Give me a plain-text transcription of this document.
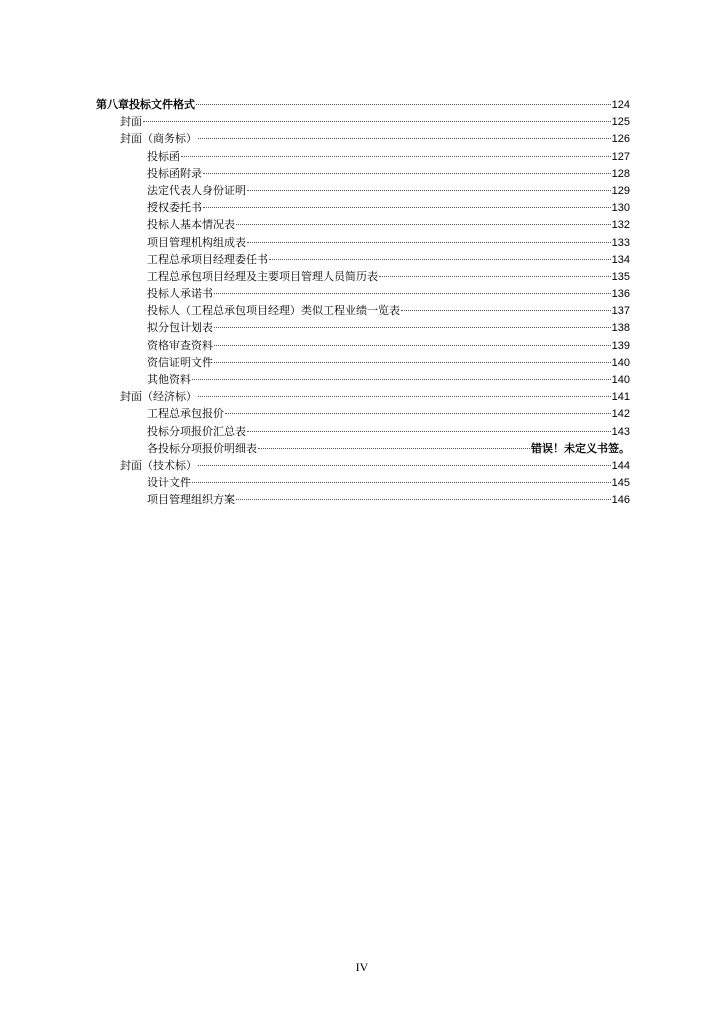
第八章投标文件格式	124
封面	125
封面（商务标）	126
投标函	127
投标函附录	128
法定代表人身份证明	129
授权委托书	130
投标人基本情况表	132
项目管理机构组成表	133
工程总承项目经理委任书	134
工程总承包项目经理及主要项目管理人员简历表	135
投标人承诺书	136
投标人（工程总承包项目经理）类似工程业绩一览表	137
拟分包计划表	138
资格审查资料	139
资信证明文件	140
其他资料	140
封面（经济标）	141
工程总承包报价	142
投标分项报价汇总表	143
各投标分项报价明细表	错误！未定义书签。
封面（技术标）	144
设计文件	145
项目管理组织方案	146
IV
